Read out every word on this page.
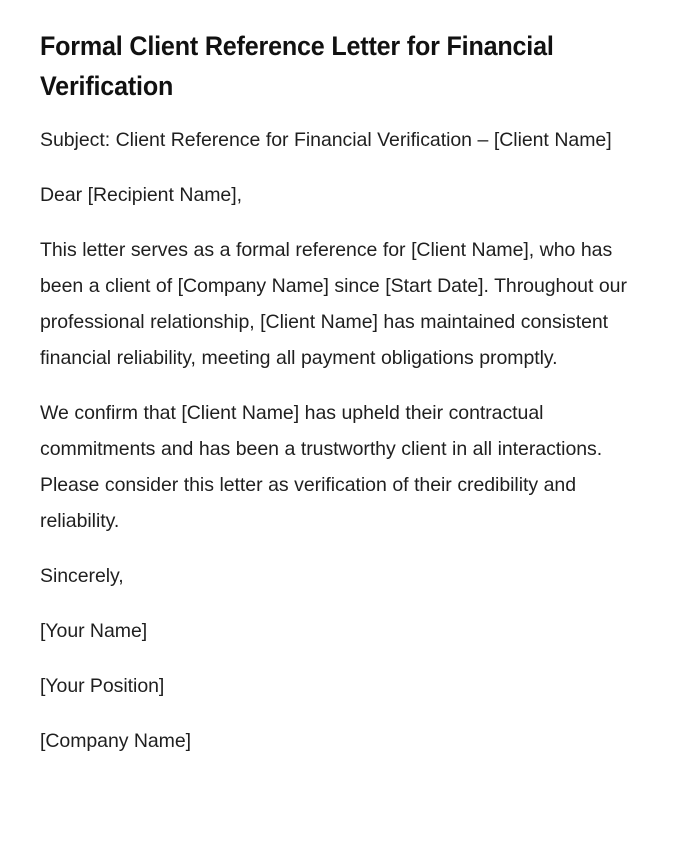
Formal Client Reference Letter for Financial Verification

Subject: Client Reference for Financial Verification – [Client Name]

Dear [Recipient Name],

This letter serves as a formal reference for [Client Name], who has been a client of [Company Name] since [Start Date]. Throughout our professional relationship, [Client Name] has maintained consistent financial reliability, meeting all payment obligations promptly.

We confirm that [Client Name] has upheld their contractual commitments and has been a trustworthy client in all interactions. Please consider this letter as verification of their credibility and reliability.

Sincerely,

[Your Name]

[Your Position]

[Company Name]
